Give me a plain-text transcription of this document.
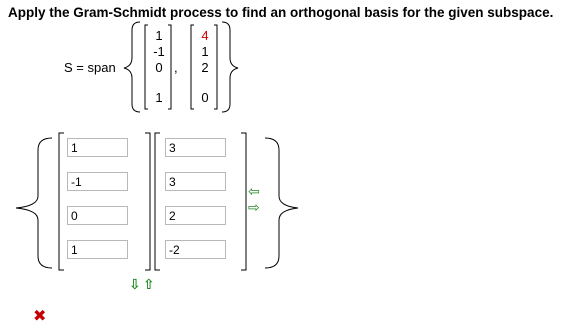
Apply the Gram-Schmidt process to find an orthogonal basis for the given subspace.
S = span
1
-1
0
1
,
4
1
2
0
1
-1
0
1
3
3
2
-2
⇦
⇨
⇩ ⇧
✖
